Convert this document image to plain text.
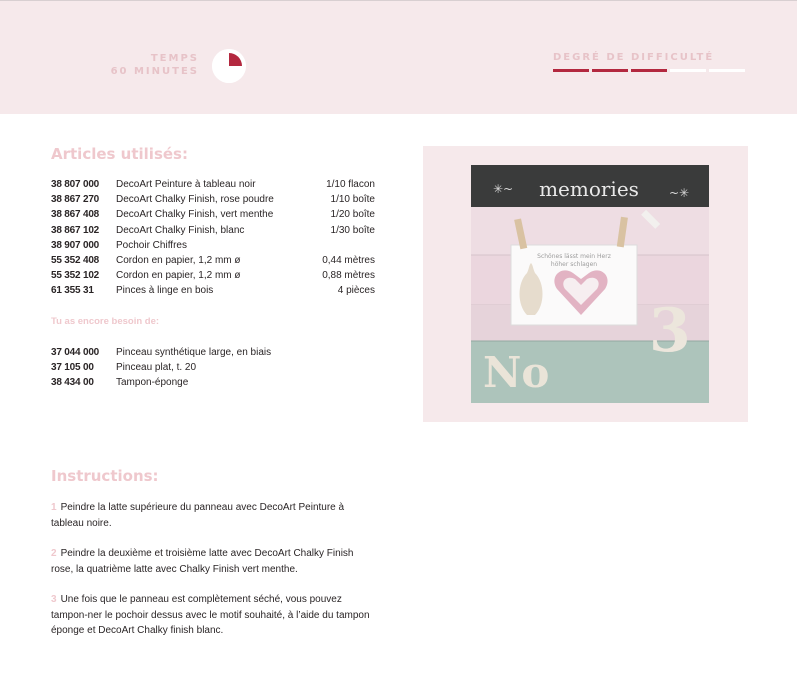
TEMPS
60 MINUTES
DEGRÉ DE DIFFICULTÉ
Articles utilisés:
38 807 000	DecoArt Peinture à tableau noir	1/10 flacon
38 867 270	DecoArt Chalky Finish, rose poudre	1/10 boîte
38 867 408	DecoArt Chalky Finish, vert menthe	1/20 boîte
38 867 102	DecoArt Chalky Finish, blanc	1/30 boîte
38 907 000	Pochoir Chiffres
55 352 408	Cordon en papier, 1,2 mm ø	0,44 mètres
55 352 102	Cordon en papier, 1,2 mm ø	0,88 mètres
61 355 31	Pinces à linge en bois	4 pièces
Tu as encore besoin de:
37 044 000	Pinceau synthétique large, en biais
37 105 00	Pinceau plat, t. 20
38 434 00	Tampon-éponge
Instructions:

1 Peindre la latte supérieure du panneau avec DecoArt Peinture à tableau noire.

2 Peindre la deuxième et troisième latte avec DecoArt Chalky Finish rose, la quatrième latte avec Chalky Finish vert menthe.

3 Une fois que le panneau est complètement séché, vous pouvez tampon-ner le pochoir dessus avec le motif souhaité, à l’aide du tampon éponge et DecoArt Chalky finish blanc.

memories
✳~	~✳
Schönes lässt mein Herz
höher schlagen
No
3
